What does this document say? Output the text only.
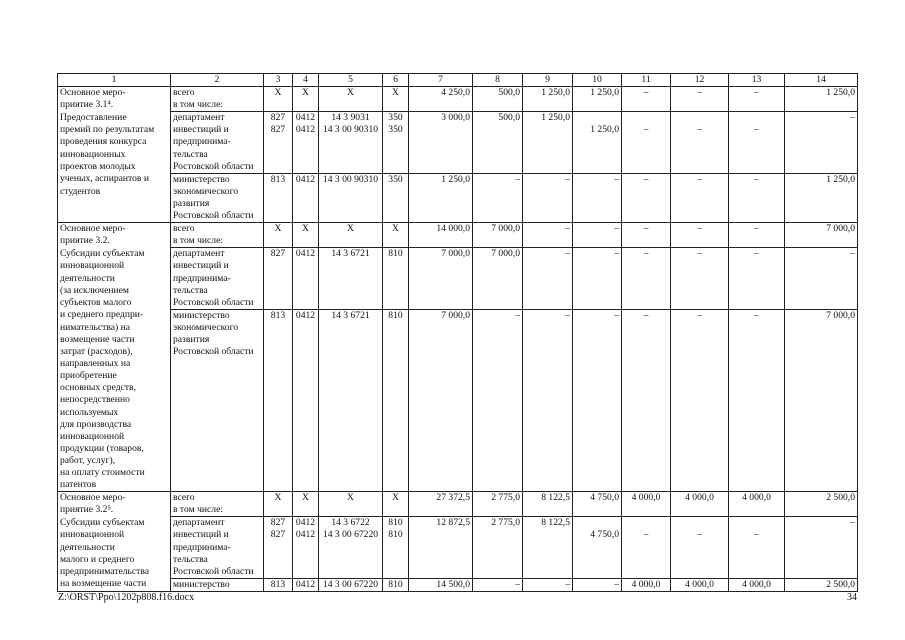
1	2	3	4	5	6	7	8	9	10	11	12	13	14
Основное меро-	всего	X	X	X	X	4 250,0	500,0	1 250,0	1 250,0	–	–	–	1 250,0
приятие 3.1⁴.	в том числе:												
Предоставление	департамент	827	0412	14 3 9031	350	3 000,0	500,0	1 250,0					–
премий по результатам	инвестиций и	827	0412	14 3 00 90310	350				1 250,0	–	–	–	
проведения конкурса	предпринима-												
инновационных	тельства												
проектов молодых	Ростовской области												
ученых, аспирантов и	министерство	813	0412	14 3 00 90310	350	1 250,0	–	–	–	–	–	–	1 250,0
студентов	экономического												
	развития												
	Ростовской области												
Основное меро-	всего	X	X	X	X	14 000,0	7 000,0	–	–	–	–	–	7 000,0
приятие 3.2.	в том числе:												
Субсидии субъектам	департамент	827	0412	14 3 6721	810	7 000,0	7 000,0	–	–	–	–	–	–
инновационной	инвестиций и												
деятельности	предпринима-												
(за исключением	тельства												
субъектов малого	Ростовской области												
и среднего предпри-	министерство	813	0412	14 3 6721	810	7 000,0	–	–	–	–	–	–	7 000,0
нимательства) на	экономического												
возмещение части	развития												
затрат (расходов),	Ростовской области												
направленных на													
приобретение													
основных средств,													
непосредственно													
используемых													
для производства													
инновационной													
продукции (товаров,													
работ, услуг),													
на оплату стоимости													
патентов													
Основное меро-	всего	X	X	X	X	27 372,5	2 775,0	8 122,5	4 750,0	4 000,0	4 000,0	4 000,0	2 500,0
приятие 3.2⁵.	в том числе:												
Субсидии субъектам	департамент	827	0412	14 3 6722	810	12 872,5	2 775,0	8 122,5					–
инновационной	инвестиций и	827	0412	14 3 00 67220	810				4 750,0	–	–	–	
деятельности	предпринима-												
малого и среднего	тельства												
предпринимательства	Ростовской области												
на возмещение части	министерство	813	0412	14 3 00 67220	810	14 500,0	–	–	–	4 000,0	4 000,0	4 000,0	2 500,0
Z:\ORST\Ppo\1202p808.f16.docx	34
